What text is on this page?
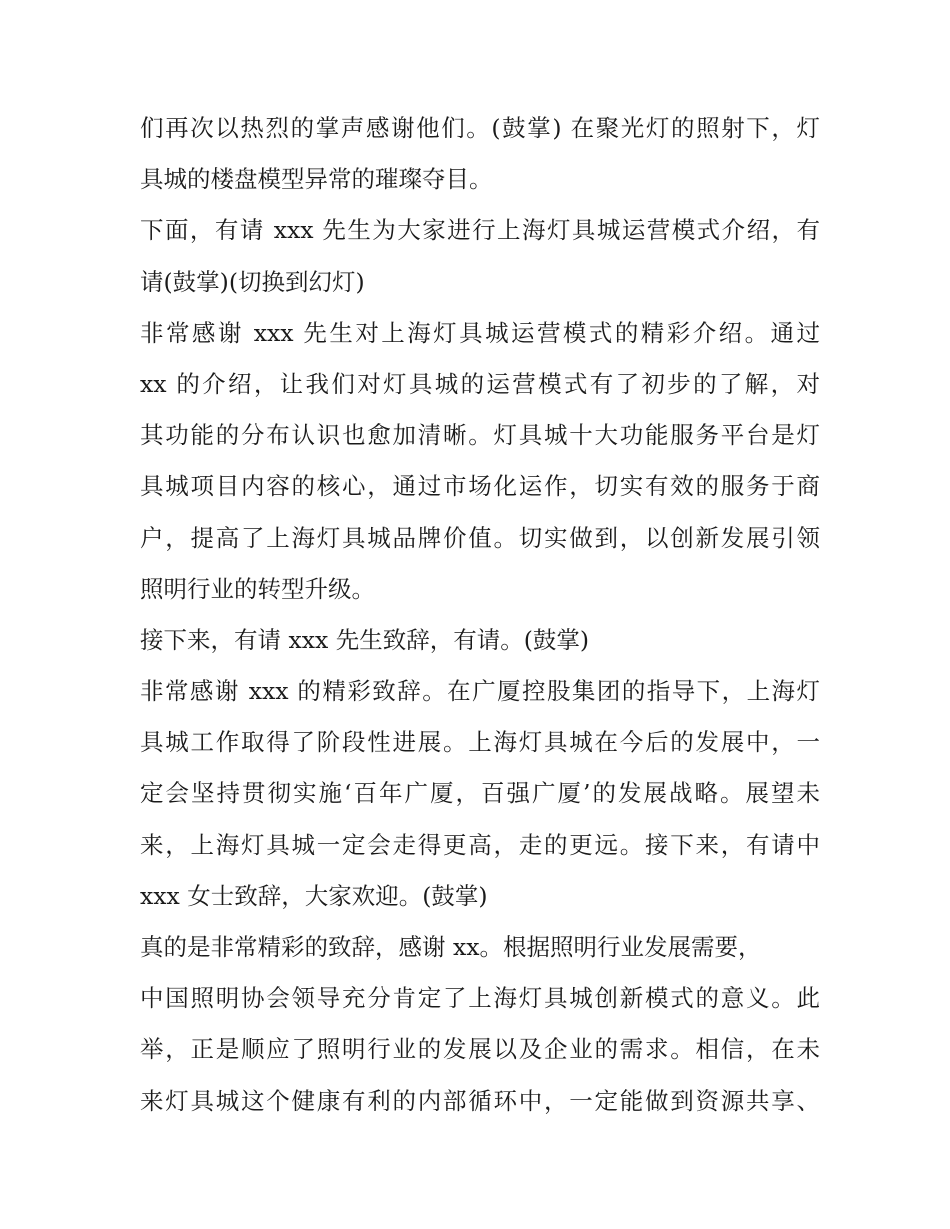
们再次以热烈的掌声感谢他们。(鼓掌) 在聚光灯的照射下，灯
具城的楼盘模型异常的璀璨夺目。
下面，有请 xxx 先生为大家进行上海灯具城运营模式介绍，有
请(鼓掌)(切换到幻灯)
非常感谢 xxx 先生对上海灯具城运营模式的精彩介绍。通过
xx 的介绍，让我们对灯具城的运营模式有了初步的了解，对
其功能的分布认识也愈加清晰。灯具城十大功能服务平台是灯
具城项目内容的核心，通过市场化运作，切实有效的服务于商
户，提高了上海灯具城品牌价值。切实做到，以创新发展引领
照明行业的转型升级。
接下来，有请 xxx 先生致辞，有请。(鼓掌)
非常感谢 xxx 的精彩致辞。在广厦控股集团的指导下，上海灯
具城工作取得了阶段性进展。上海灯具城在今后的发展中，一
定会坚持贯彻实施‘百年广厦，百强广厦’的发展战略。展望未
来，上海灯具城一定会走得更高，走的更远。接下来，有请中
xxx 女士致辞，大家欢迎。(鼓掌)
真的是非常精彩的致辞，感谢 xx。根据照明行业发展需要，
中国照明协会领导充分肯定了上海灯具城创新模式的意义。此
举，正是顺应了照明行业的发展以及企业的需求。相信，在未
来灯具城这个健康有利的内部循环中，一定能做到资源共享、
